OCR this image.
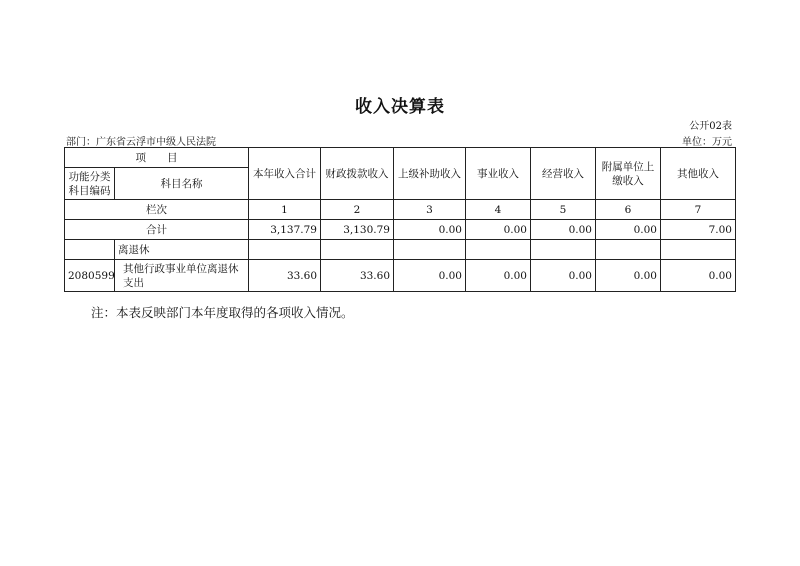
收入决算表
公开02表
部门：广东省云浮市中级人民法院	单位：万元
项　　目		本年收入合计	财政拨款收入	上级补助收入	事业收入	经营收入	附属单位上缴收入	其他收入
功能分类科目编码	科目名称							
栏次		1	2	3	4	5	6	7
合计		3,137.79	3,130.79	0.00	0.00	0.00	0.00	7.00
	离退休							
2080599	其他行政事业单位离退休支出	33.60	33.60	0.00	0.00	0.00	0.00	0.00
注：本表反映部门本年度取得的各项收入情况。
